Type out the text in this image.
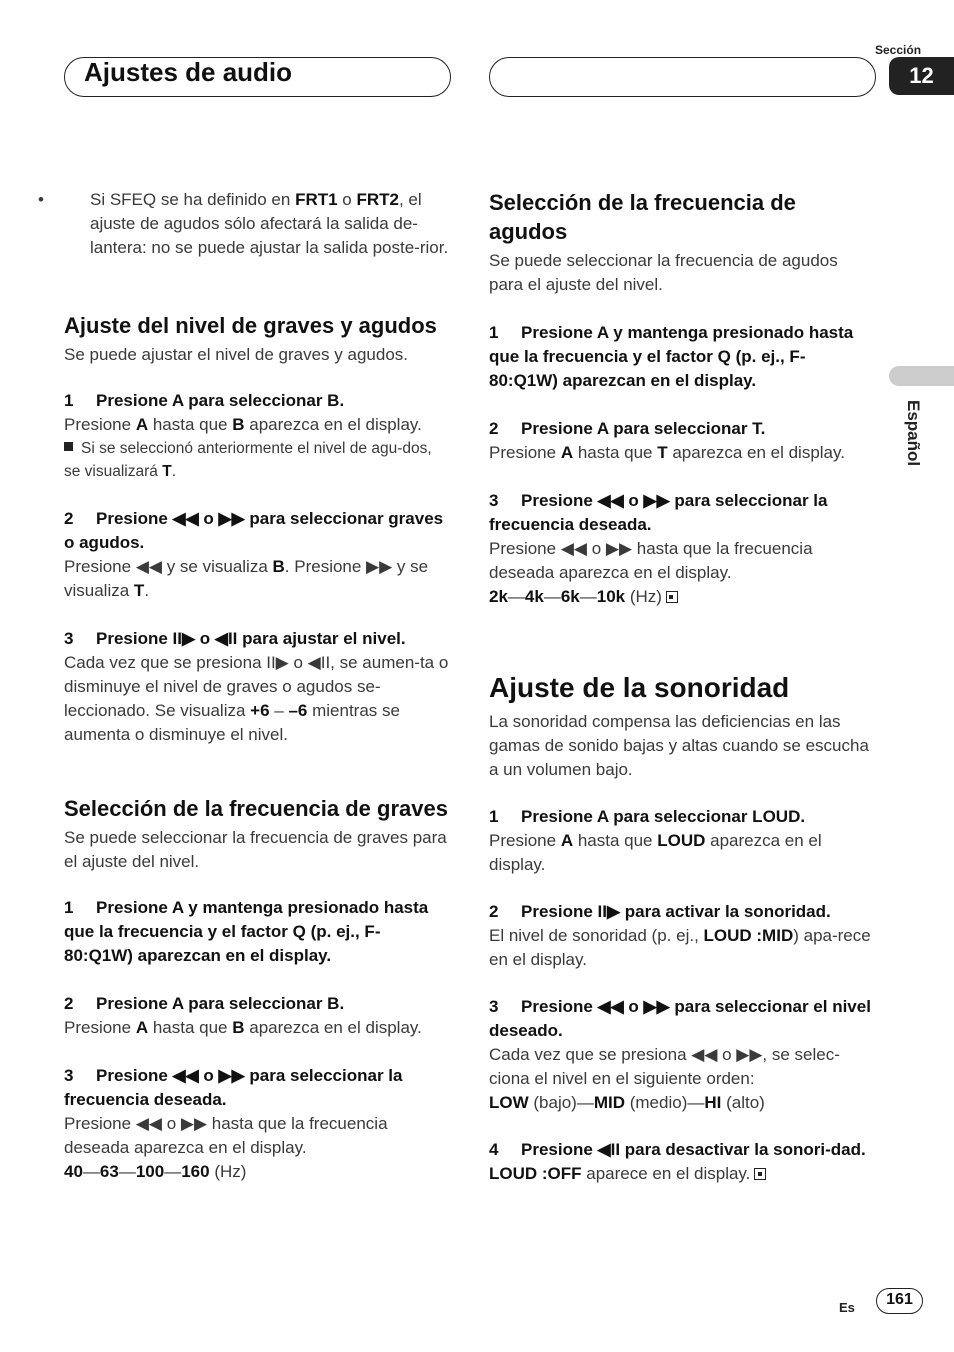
Ajustes de audio
Sección
12
Español

•	Si SFEQ se ha definido en FRT1 o FRT2, el ajuste de agudos sólo afectará la salida de-lantera: no se puede ajustar la salida poste-rior.

Ajuste del nivel de graves y agudos

Se puede ajustar el nivel de graves y agudos.

1 Presione A para seleccionar B.

Presione A hasta que B aparezca en el display.

Si se seleccionó anteriormente el nivel de agu-dos, se visualizará T.

2 Presione ◀◀ o ▶▶ para seleccionar graves o agudos.

Presione ◀◀ y se visualiza B. Presione ▶▶ y se visualiza T.

3 Presione II▶ o ◀II para ajustar el nivel.

Cada vez que se presiona II▶ o ◀II, se aumen-ta o disminuye el nivel de graves o agudos se-leccionado. Se visualiza +6 – –6 mientras se aumenta o disminuye el nivel.

Selección de la frecuencia de graves

Se puede seleccionar la frecuencia de graves para el ajuste del nivel.

1 Presione A y mantenga presionado hasta que la frecuencia y el factor Q (p. ej., F- 80:Q1W) aparezcan en el display.

2 Presione A para seleccionar B.

Presione A hasta que B aparezca en el display.

3 Presione ◀◀ o ▶▶ para seleccionar la frecuencia deseada.

Presione ◀◀ o ▶▶ hasta que la frecuencia deseada aparezca en el display.

40—63—100—160 (Hz)

Selección de la frecuencia de agudos

Se puede seleccionar la frecuencia de agudos para el ajuste del nivel.

1 Presione A y mantenga presionado hasta que la frecuencia y el factor Q (p. ej., F- 80:Q1W) aparezcan en el display.

2 Presione A para seleccionar T.

Presione A hasta que T aparezca en el display.

3 Presione ◀◀ o ▶▶ para seleccionar la frecuencia deseada.

Presione ◀◀ o ▶▶ hasta que la frecuencia deseada aparezca en el display.

2k—4k—6k—10k (Hz)

Ajuste de la sonoridad

La sonoridad compensa las deficiencias en las gamas de sonido bajas y altas cuando se escucha a un volumen bajo.

1 Presione A para seleccionar LOUD.

Presione A hasta que LOUD aparezca en el display.

2 Presione II▶ para activar la sonoridad.

El nivel de sonoridad (p. ej., LOUD :MID) apa-rece en el display.

3 Presione ◀◀ o ▶▶ para seleccionar el nivel deseado.

Cada vez que se presiona ◀◀ o ▶▶, se selec-ciona el nivel en el siguiente orden:

LOW (bajo)—MID (medio)—HI (alto)

4 Presione ◀II para desactivar la sonori-dad.

LOUD :OFF aparece en el display.

Es	161
